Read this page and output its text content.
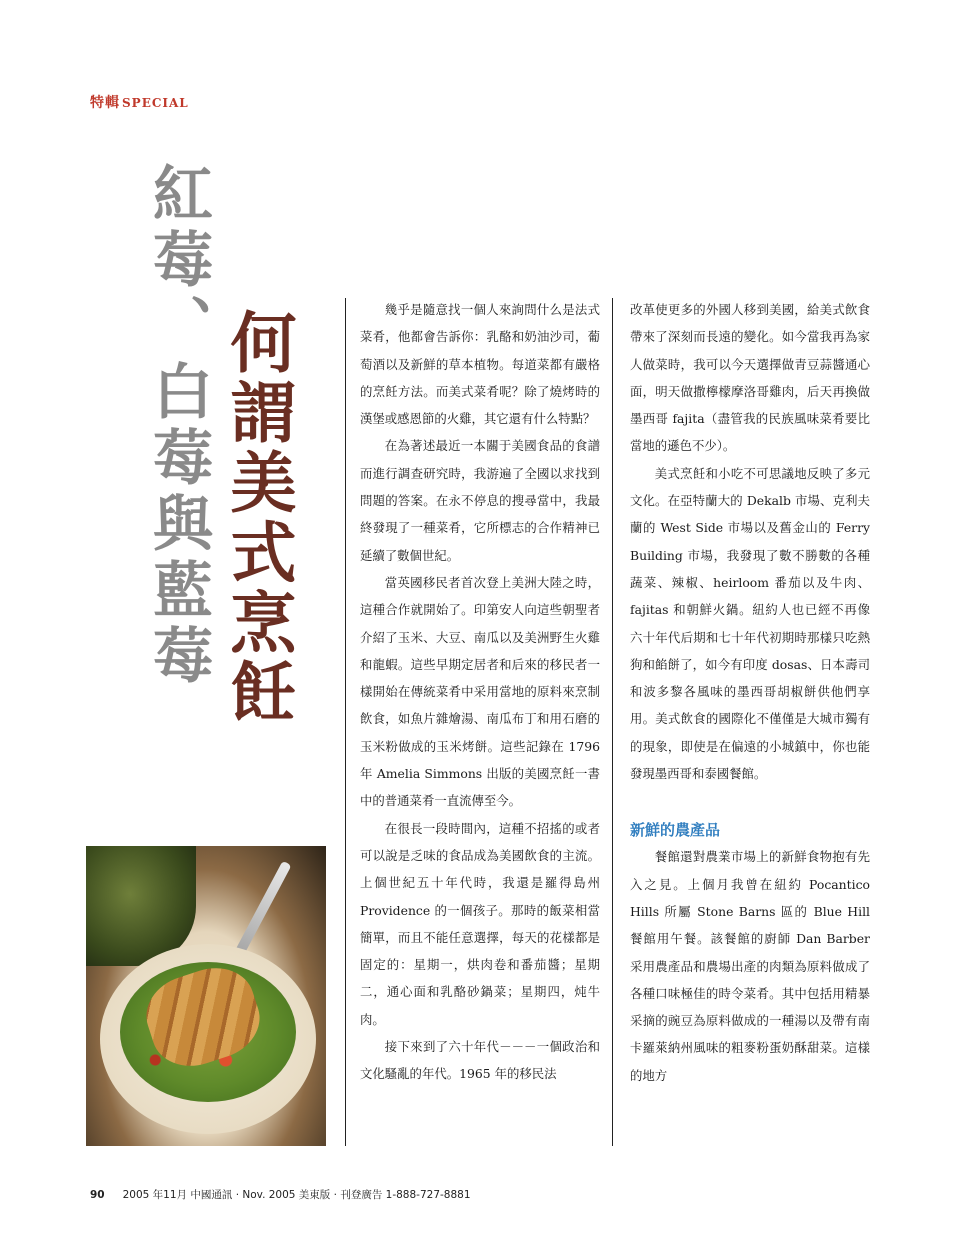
特輯 SPECIAL
紅莓、白莓與藍莓 何謂美式烹飪	幾乎是隨意找一個人來詢問什么是法式菜肴，他都會告訴你：乳酪和奶油沙司，葡萄酒以及新鮮的草本植物。每道菜都有嚴格的烹飪方法。而美式菜肴呢？除了燒烤時的漢堡或感恩節的火雞，其它還有什么特點？

在為著述最近一本關于美國食品的食譜而進行調查研究時，我游遍了全國以求找到問題的答案。在永不停息的搜尋當中，我最終發現了一種菜肴，它所標志的合作精神已延續了數個世紀。

當英國移民者首次登上美洲大陸之時，這種合作就開始了。印第安人向這些朝聖者介紹了玉米、大豆、南瓜以及美洲野生火雞和龍蝦。這些早期定居者和后來的移民者一樣開始在傳統菜肴中采用當地的原料來烹制飲食，如魚片雜燴湯、南瓜布丁和用石磨的玉米粉做成的玉米烤餅。這些記錄在 1796 年 Amelia Simmons 出版的美國烹飪一書中的普通菜肴一直流傳至今。

在很長一段時間內，這種不招搖的或者可以說是乏味的食品成為美國飲食的主流。上個世紀五十年代時，我還是羅得島州 Providence 的一個孩子。那時的飯菜相當簡單，而且不能任意選擇，每天的花樣都是固定的：星期一，烘肉卷和番茄醬；星期二，通心面和乳酪砂鍋菜；星期四，炖牛肉。

接下來到了六十年代－－－一個政治和文化騷亂的年代。1965 年的移民法

改革使更多的外國人移到美國，給美式飲食帶來了深刻而長遠的變化。如今當我再為家人做菜時，我可以今天選擇做青豆蒜醬通心面，明天做撒檸檬摩洛哥雞肉，后天再換做墨西哥 fajita（盡管我的民族風味菜肴要比當地的遜色不少）。

美式烹飪和小吃不可思議地反映了多元文化。在亞特蘭大的 Dekalb 市場、克利夫蘭的 West Side 市場以及舊金山的 Ferry Building 市場，我發現了數不勝數的各種蔬菜、辣椒、heirloom 番茄以及牛肉、fajitas 和朝鮮火鍋。紐約人也已經不再像六十年代后期和七十年代初期時那樣只吃熱狗和餡餅了，如今有印度 dosas、日本壽司和波多黎各風味的墨西哥胡椒餅供他們享用。美式飲食的國際化不僅僅是大城市獨有的現象，即使是在偏遠的小城鎮中，你也能發現墨西哥和泰國餐館。

新鮮的農產品

餐館還對農業市場上的新鮮食物抱有先入之見。上個月我曾在紐約 Pocantico Hills 所屬 Stone Barns 區的 Blue Hill 餐館用午餐。該餐館的廚師 Dan Barber 采用農產品和農場出產的肉類為原料做成了各種口味極佳的時令菜肴。其中包括用精暴采摘的豌豆為原料做成的一種湯以及帶有南卡羅萊納州風味的粗麥粉蛋奶酥甜菜。這樣的地方

90 2005 年11月 中國通訊 · Nov. 2005 美東版 · 刊登廣告 1-888-727-8881
